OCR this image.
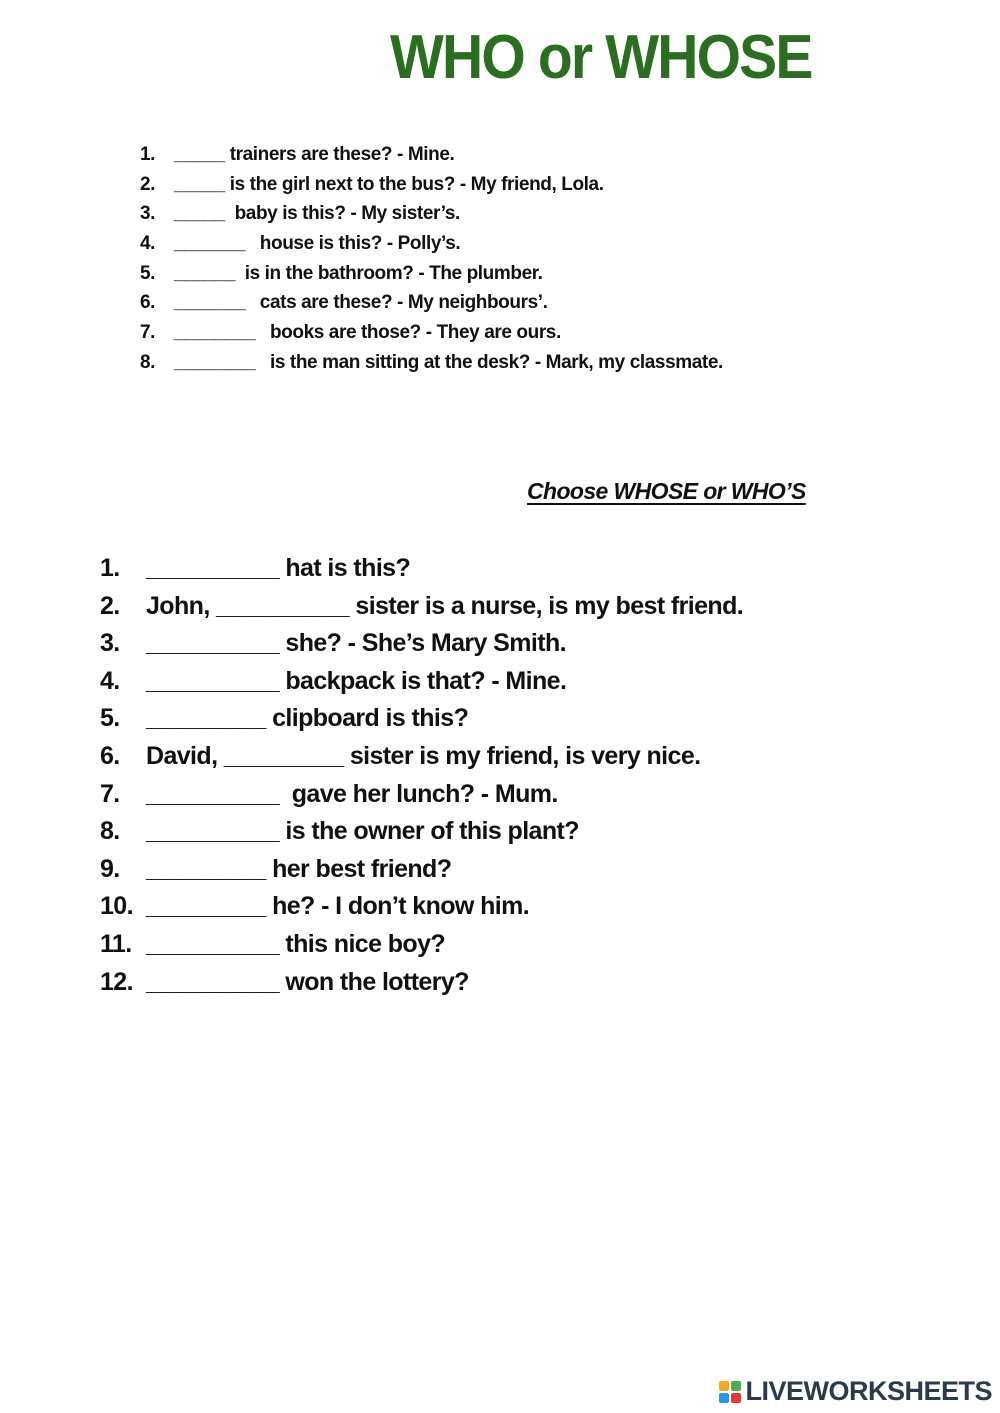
WHO or WHOSE
1. _____ trainers are these? - Mine.
2. _____ is the girl next to the bus? - My friend, Lola.
3. _____  baby is this? - My sister’s.
4. _______   house is this? - Polly’s.
5. ______  is in the bathroom? - The plumber.
6. _______   cats are these? - My neighbours’.
7. ________   books are those? - They are ours.
8. ________   is the man sitting at the desk? - Mark, my classmate.
Choose WHOSE or WHO’S
1.	__________ hat is this?
2.	John, __________ sister is a nurse, is my best friend.
3.	__________ she? - She’s Mary Smith.
4.	__________ backpack is that? - Mine.
5.	_________ clipboard is this?
6.	David, _________ sister is my friend, is very nice.
7.	__________  gave her lunch? - Mum.
8.	__________ is the owner of this plant?
9.	_________ her best friend?
10. _________ he? - I don’t know him.
11. __________ this nice boy?
12. __________ won the lottery?
LIVEWORKSHEETS
